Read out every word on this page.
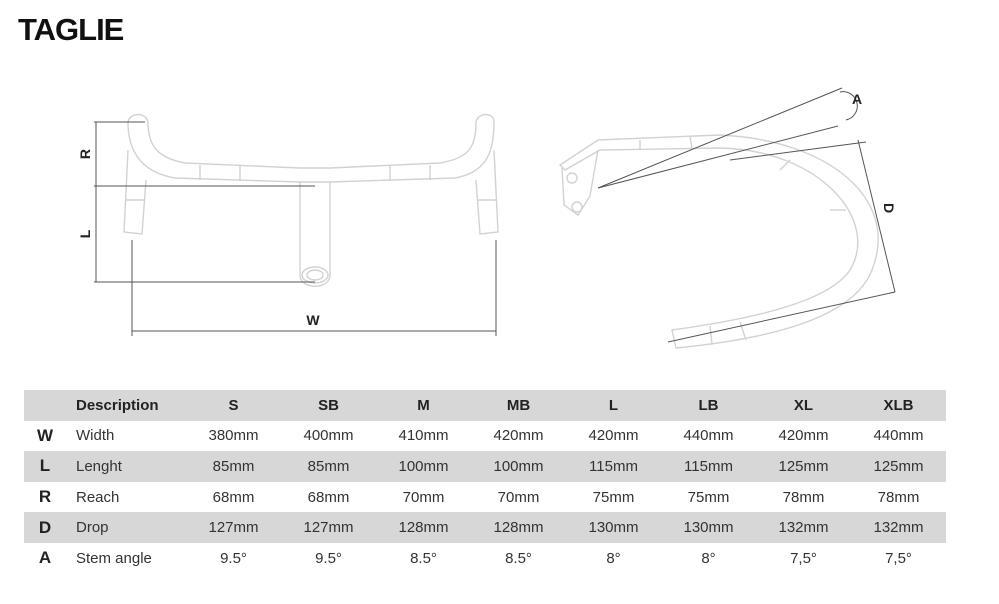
TAGLIE
R
L
W
A
D
	Description	S	SB	M	MB	L	LB	XL	XLB
W	Width	380mm	400mm	410mm	420mm	420mm	440mm	420mm	440mm
L	Lenght	85mm	85mm	100mm	100mm	115mm	115mm	125mm	125mm
R	Reach	68mm	68mm	70mm	70mm	75mm	75mm	78mm	78mm
D	Drop	127mm	127mm	128mm	128mm	130mm	130mm	132mm	132mm
A	Stem angle	9.5°	9.5°	8.5°	8.5°	8°	8°	7,5°	7,5°
